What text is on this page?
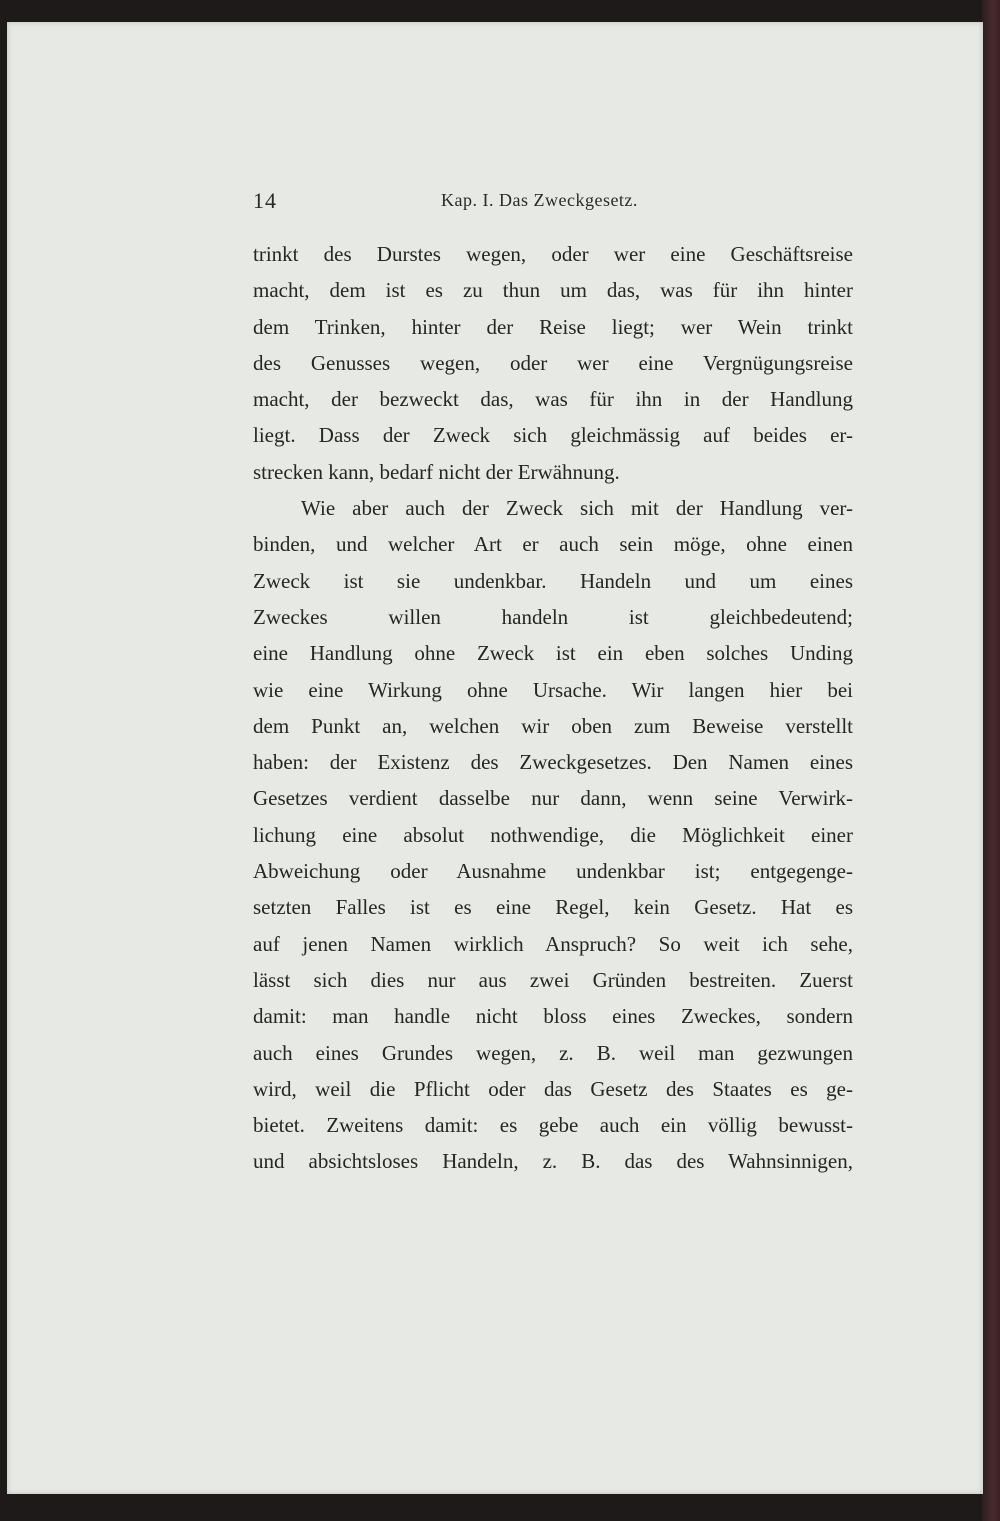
14	Kap. I. Das Zweckgesetz.
trinkt des Durstes wegen, oder wer eine Geschäftsreise
macht, dem ist es zu thun um das, was für ihn hinter
dem Trinken, hinter der Reise liegt; wer Wein trinkt
des Genusses wegen, oder wer eine Vergnügungsreise
macht, der bezweckt das, was für ihn in der Handlung
liegt. Dass der Zweck sich gleichmässig auf beides er-
strecken kann, bedarf nicht der Erwähnung.
Wie aber auch der Zweck sich mit der Handlung ver-
binden, und welcher Art er auch sein möge, ohne einen
Zweck ist sie undenkbar. Handeln und um eines
Zweckes willen handeln ist gleichbedeutend;
eine Handlung ohne Zweck ist ein eben solches Unding
wie eine Wirkung ohne Ursache. Wir langen hier bei
dem Punkt an, welchen wir oben zum Beweise verstellt
haben: der Existenz des Zweckgesetzes. Den Namen eines
Gesetzes verdient dasselbe nur dann, wenn seine Verwirk-
lichung eine absolut nothwendige, die Möglichkeit einer
Abweichung oder Ausnahme undenkbar ist; entgegenge-
setzten Falles ist es eine Regel, kein Gesetz. Hat es
auf jenen Namen wirklich Anspruch? So weit ich sehe,
lässt sich dies nur aus zwei Gründen bestreiten. Zuerst
damit: man handle nicht bloss eines Zweckes, sondern
auch eines Grundes wegen, z. B. weil man gezwungen
wird, weil die Pflicht oder das Gesetz des Staates es ge-
bietet. Zweitens damit: es gebe auch ein völlig bewusst-
und absichtsloses Handeln, z. B. das des Wahnsinnigen,
